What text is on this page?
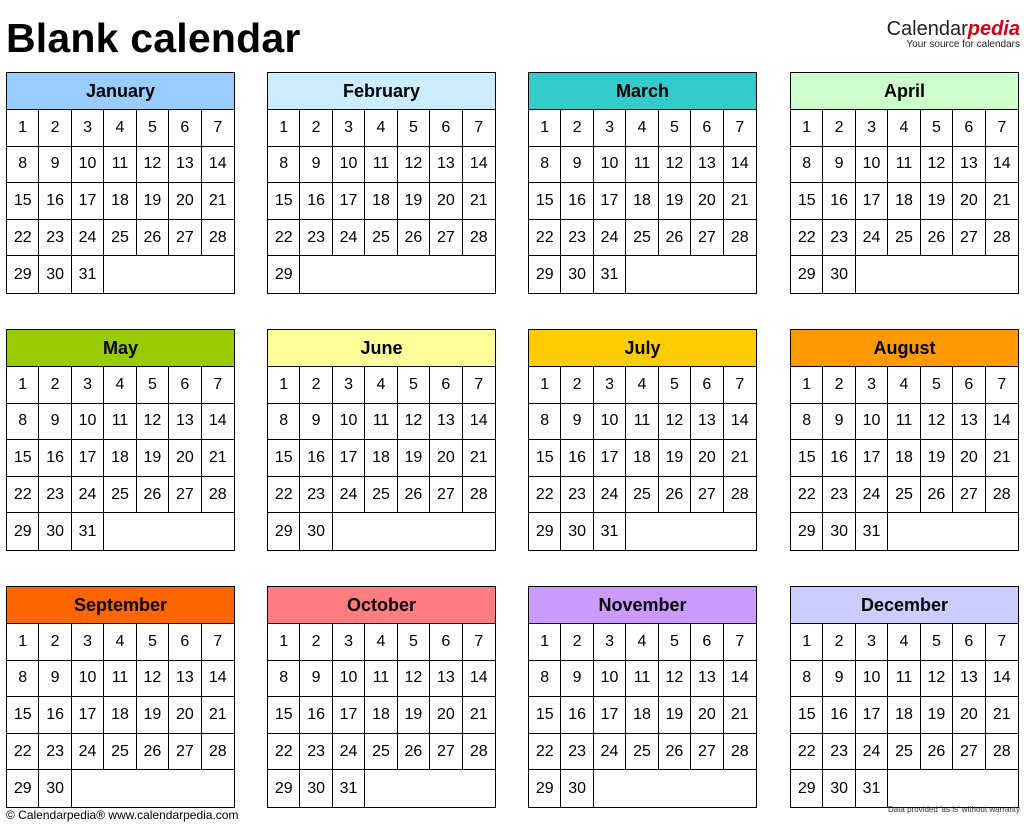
Blank calendar	Calendarpedia
Your source for calendars
January
1	2	3	4	5	6	7
8	9	10 11 12 13 14
15 16 17 18 19 20 21
22 23 24 25 26 27 28
29 30 31
February
1	2	3	4	5	6	7
8	9	10 11 12 13 14
15 16 17 18 19 20 21
22 23 24 25 26 27 28
29
March
1	2	3	4	5	6	7
8	9	10 11 12 13 14
15 16 17 18 19 20 21
22 23 24 25 26 27 28
29 30 31
April
1	2	3	4	5	6	7
8	9	10 11 12 13 14
15 16 17 18 19 20 21
22 23 24 25 26 27 28
29 30
May
1	2	3	4	5	6	7
8	9	10 11 12 13 14
15 16 17 18 19 20 21
22 23 24 25 26 27 28
29 30 31
June
1	2	3	4	5	6	7
8	9	10 11 12 13 14
15 16 17 18 19 20 21
22 23 24 25 26 27 28
29 30
July
1	2	3	4	5	6	7
8	9	10 11 12 13 14
15 16 17 18 19 20 21
22 23 24 25 26 27 28
29 30 31
August
1	2	3	4	5	6	7
8	9	10 11 12 13 14
15 16 17 18 19 20 21
22 23 24 25 26 27 28
29 30 31
September
1	2	3	4	5	6	7
8	9	10 11 12 13 14
15 16 17 18 19 20 21
22 23 24 25 26 27 28
29 30
October
1	2	3	4	5	6	7
8	9	10 11 12 13 14
15 16 17 18 19 20 21
22 23 24 25 26 27 28
29 30 31
November
1	2	3	4	5	6	7
8	9	10 11 12 13 14
15 16 17 18 19 20 21
22 23 24 25 26 27 28
29 30
December
1	2	3	4	5	6	7
8	9	10 11 12 13 14
15 16 17 18 19 20 21
22 23 24 25 26 27 28
29 30 31
© Calendarpedia® www.calendarpedia.com	Data provided 'as is' without warranty
